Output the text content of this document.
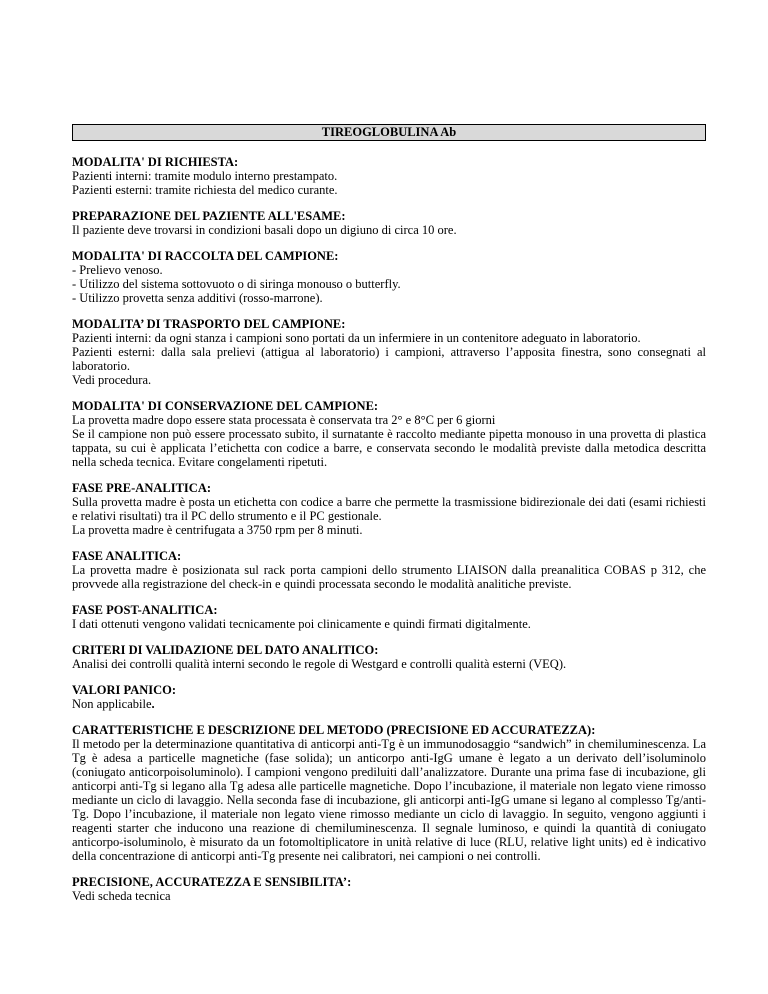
TIREOGLOBULINA Ab

MODALITA' DI RICHIESTA:

Pazienti interni: tramite modulo interno prestampato.

Pazienti esterni: tramite richiesta del medico curante.

PREPARAZIONE DEL PAZIENTE ALL'ESAME:

Il paziente deve trovarsi in condizioni basali dopo un digiuno di circa 10 ore.

MODALITA' DI RACCOLTA DEL CAMPIONE:

- Prelievo venoso.

- Utilizzo del sistema sottovuoto o di siringa monouso o butterfly.

- Utilizzo provetta senza additivi (rosso-marrone).

MODALITA’ DI TRASPORTO DEL CAMPIONE:

Pazienti interni: da ogni stanza i campioni sono portati da un infermiere in un contenitore adeguato in laboratorio.

Pazienti esterni: dalla sala prelievi (attigua al laboratorio) i campioni, attraverso l’apposita finestra, sono consegnati al laboratorio.

Vedi procedura.

MODALITA' DI CONSERVAZIONE DEL CAMPIONE:

La provetta madre dopo essere stata processata è conservata tra 2° e 8°C per 6 giorni

Se il campione non può essere processato subito, il surnatante è raccolto mediante pipetta monouso in una provetta di plastica tappata, su cui è applicata l’etichetta con codice a barre, e conservata secondo le modalità previste dalla metodica descritta nella scheda tecnica. Evitare congelamenti ripetuti.

FASE PRE-ANALITICA:

Sulla provetta madre è posta un etichetta con codice a barre che permette la trasmissione bidirezionale dei dati (esami richiesti e relativi risultati) tra il PC dello strumento e il PC gestionale.

La provetta madre è centrifugata a 3750 rpm per 8 minuti.

FASE ANALITICA:

La provetta madre è posizionata sul rack porta campioni dello strumento LIAISON dalla preanalitica COBAS p 312, che provvede alla registrazione del check-in e quindi processata secondo le modalità analitiche previste.

FASE POST-ANALITICA:

I dati ottenuti vengono validati tecnicamente poi clinicamente e quindi firmati digitalmente.

CRITERI DI VALIDAZIONE DEL DATO ANALITICO:

Analisi dei controlli qualità interni secondo le regole di Westgard e controlli qualità esterni (VEQ).

VALORI PANICO:

Non applicabile.

CARATTERISTICHE E DESCRIZIONE DEL METODO (PRECISIONE ED ACCURATEZZA):

Il metodo per la determinazione quantitativa di anticorpi anti-Tg è un immunodosaggio “sandwich” in chemiluminescenza. La Tg è adesa a particelle magnetiche (fase solida); un anticorpo anti-IgG umane è legato a un derivato dell’isoluminolo (coniugato anticorpoisoluminolo). I campioni vengono prediluiti dall’analizzatore. Durante una prima fase di incubazione, gli anticorpi anti-Tg si legano alla Tg adesa alle particelle magnetiche. Dopo l’incubazione, il materiale non legato viene rimosso mediante un ciclo di lavaggio. Nella seconda fase di incubazione, gli anticorpi anti-IgG umane si legano al complesso Tg/anti-Tg. Dopo l’incubazione, il materiale non legato viene rimosso mediante un ciclo di lavaggio. In seguito, vengono aggiunti i reagenti starter che inducono una reazione di chemiluminescenza. Il segnale luminoso, e quindi la quantità di coniugato anticorpo-isoluminolo, è misurato da un fotomoltiplicatore in unità relative di luce (RLU, relative light units) ed è indicativo della concentrazione di anticorpi anti-Tg presente nei calibratori, nei campioni o nei controlli.

PRECISIONE, ACCURATEZZA E SENSIBILITA’:

Vedi scheda tecnica
